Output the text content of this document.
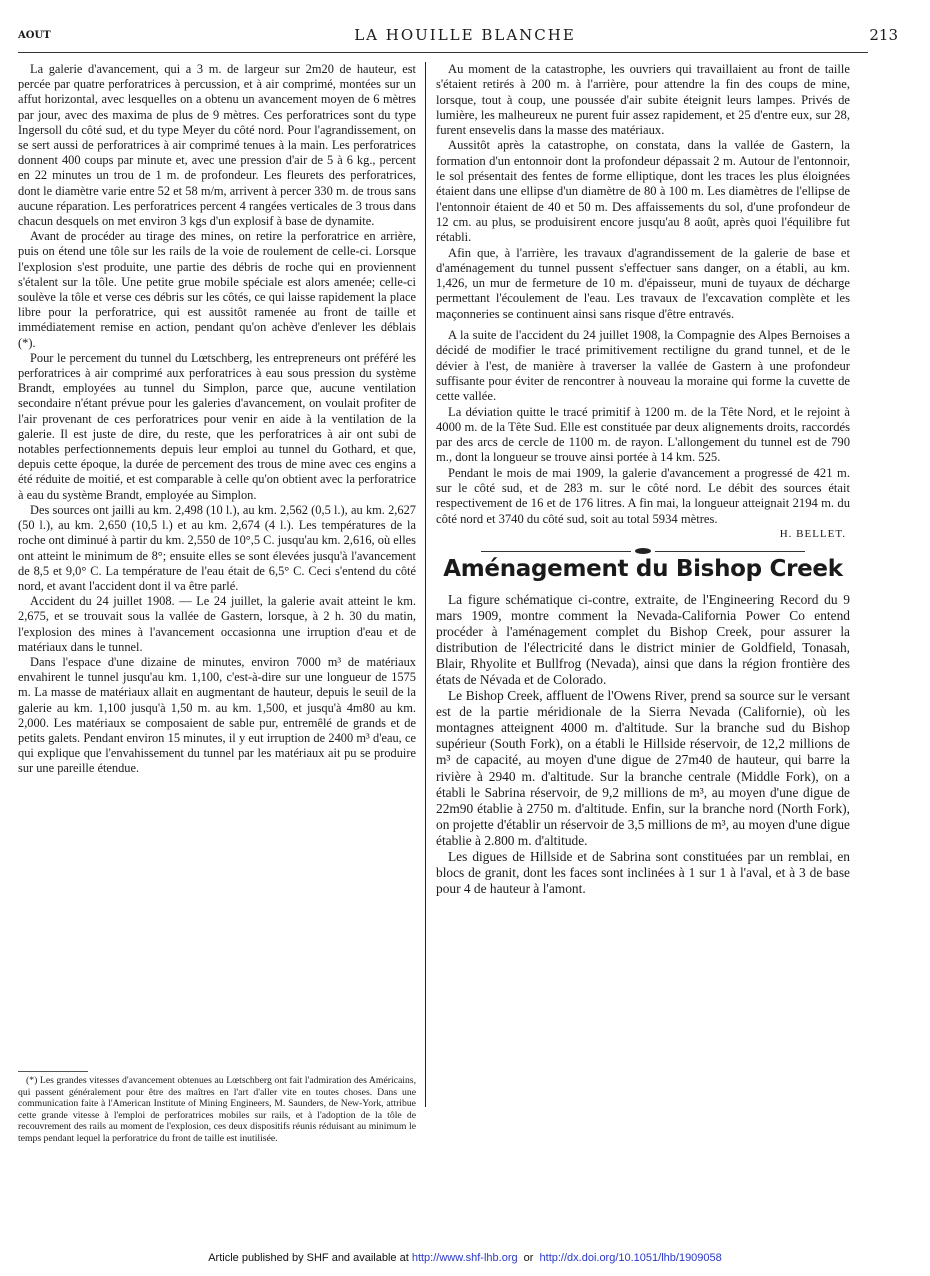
AOUT	LA HOUILLE BLANCHE	213

La galerie d'avancement, qui a 3 m. de largeur sur 2m20 de hauteur, est percée par quatre perforatrices à percussion, et à air comprimé, montées sur un affut horizontal, avec lesquelles on a obtenu un avancement moyen de 6 mètres par jour, avec des maxima de plus de 9 mètres. Ces perforatrices sont du type Ingersoll du côté sud, et du type Meyer du côté nord. Pour l'agrandissement, on se sert aussi de perforatrices à air comprimé tenues à la main. Les perforatrices donnent 400 coups par minute et, avec une pression d'air de 5 à 6 kg., percent en 22 minutes un trou de 1 m. de profondeur. Les fleurets des perforatrices, dont le diamètre varie entre 52 et 58 m/m, arrivent à percer 330 m. de trous sans aucune réparation. Les perforatrices percent 4 rangées verticales de 3 trous dans chacun desquels on met environ 3 kgs d'un explosif à base de dynamite.

Avant de procéder au tirage des mines, on retire la perforatrice en arrière, puis on étend une tôle sur les rails de la voie de roulement de celle-ci. Lorsque l'explosion s'est produite, une partie des débris de roche qui en proviennent s'étalent sur la tôle. Une petite grue mobile spéciale est alors amenée; celle-ci soulève la tôle et verse ces débris sur les côtés, ce qui laisse rapidement la place libre pour la perforatrice, qui est aussitôt ramenée au front de taille et immédiatement remise en action, pendant qu'on achève d'enlever les déblais (*).

Pour le percement du tunnel du Lœtschberg, les entrepreneurs ont préféré les perforatrices à air comprimé aux perforatrices à eau sous pression du système Brandt, employées au tunnel du Simplon, parce que, aucune ventilation secondaire n'étant prévue pour les galeries d'avancement, on voulait profiter de l'air provenant de ces perforatrices pour venir en aide à la ventilation de la galerie. Il est juste de dire, du reste, que les perforatrices à air ont subi de notables perfectionnements depuis leur emploi au tunnel du Gothard, et que, depuis cette époque, la durée de percement des trous de mine avec ces engins a été réduite de moitié, et est comparable à celle qu'on obtient avec la perforatrice à eau du système Brandt, employée au Simplon.

Des sources ont jailli au km. 2,498 (10 l.), au km. 2,562 (0,5 l.), au km. 2,627 (50 l.), au km. 2,650 (10,5 l.) et au km. 2,674 (4 l.). Les températures de la roche ont diminué à partir du km. 2,550 de 10°,5 C. jusqu'au km. 2,616, où elles ont atteint le minimum de 8°; ensuite elles se sont élevées jusqu'à l'avancement de 8,5 et 9,0° C. La température de l'eau était de 6,5° C. Ceci s'entend du côté nord, et avant l'accident dont il va être parlé.

Accident du 24 juillet 1908. — Le 24 juillet, la galerie avait atteint le km. 2,675, et se trouvait sous la vallée de Gastern, lorsque, à 2 h. 30 du matin, l'explosion des mines à l'avancement occasionna une irruption d'eau et de matériaux dans le tunnel.

Dans l'espace d'une dizaine de minutes, environ 7000 m³ de matériaux envahirent le tunnel jusqu'au km. 1,100, c'est-à-dire sur une longueur de 1575 m. La masse de matériaux allait en augmentant de hauteur, depuis le seuil de la galerie au km. 1,100 jusqu'à 1,50 m. au km. 1,500, et jusqu'à 4m80 au km. 2,000. Les matériaux se composaient de sable pur, entremêlé de grands et de petits galets. Pendant environ 15 minutes, il y eut irruption de 2400 m³ d'eau, ce qui explique que l'envahissement du tunnel par les matériaux ait pu se produire sur une pareille étendue.

(*) Les grandes vitesses d'avancement obtenues au Lœtschberg ont fait l'admiration des Américains, qui passent généralement pour être des maîtres en l'art d'aller vite en toutes choses. Dans une communication faite à l'American Institute of Mining Engineers, M. Saunders, de New-York, attribue cette grande vitesse à l'emploi de perforatrices mobiles sur rails, et à l'adoption de la tôle de recouvrement des rails au moment de l'explosion, ces deux dispositifs réunis réduisant au minimum le temps pendant lequel la perforatrice du front de taille est inutilisée.

Au moment de la catastrophe, les ouvriers qui travaillaient au front de taille s'étaient retirés à 200 m. à l'arrière, pour attendre la fin des coups de mine, lorsque, tout à coup, une poussée d'air subite éteignit leurs lampes. Privés de lumière, les malheureux ne purent fuir assez rapidement, et 25 d'entre eux, sur 28, furent ensevelis dans la masse des matériaux.

Aussitôt après la catastrophe, on constata, dans la vallée de Gastern, la formation d'un entonnoir dont la profondeur dépassait 2 m. Autour de l'entonnoir, le sol présentait des fentes de forme elliptique, dont les traces les plus éloignées étaient dans une ellipse d'un diamètre de 80 à 100 m. Les diamètres de l'ellipse de l'entonnoir étaient de 40 et 50 m. Des affaissements du sol, d'une profondeur de 12 cm. au plus, se produisirent encore jusqu'au 8 août, après quoi l'équilibre fut rétabli.

Afin que, à l'arrière, les travaux d'agrandissement de la galerie de base et d'aménagement du tunnel pussent s'effectuer sans danger, on a établi, au km. 1,426, un mur de fermeture de 10 m. d'épaisseur, muni de tuyaux de décharge permettant l'écoulement de l'eau. Les travaux de l'excavation complète et les maçonneries se continuent ainsi sans risque d'être entravés.

A la suite de l'accident du 24 juillet 1908, la Compagnie des Alpes Bernoises a décidé de modifier le tracé primitivement rectiligne du grand tunnel, et de le dévier à l'est, de manière à traverser la vallée de Gastern à une profondeur suffisante pour éviter de rencontrer à nouveau la moraine qui forme la cuvette de cette vallée.

La déviation quitte le tracé primitif à 1200 m. de la Tête Nord, et le rejoint à 4000 m. de la Tête Sud. Elle est constituée par deux alignements droits, raccordés par des arcs de cercle de 1100 m. de rayon. L'allongement du tunnel est de 790 m., dont la longueur se trouve ainsi portée à 14 km. 525.

Pendant le mois de mai 1909, la galerie d'avancement a progressé de 421 m. sur le côté sud, et de 283 m. sur le côté nord. Le débit des sources était respectivement de 16 et de 176 litres. A fin mai, la longueur atteignait 2194 m. du côté nord et 3740 du côté sud, soit au total 5934 mètres.

H. BELLET.
Aménagement du Bishop Creek

La figure schématique ci-contre, extraite, de l'Engineering Record du 9 mars 1909, montre comment la Nevada-California Power Co entend procéder à l'aménagement complet du Bishop Creek, pour assurer la distribution de l'électricité dans le district minier de Goldfield, Tonasah, Blair, Rhyolite et Bullfrog (Nevada), ainsi que dans la région frontière des états de Névada et de Colorado.

Le Bishop Creek, affluent de l'Owens River, prend sa source sur le versant est de la partie méridionale de la Sierra Nevada (Californie), où les montagnes atteignent 4000 m. d'altitude. Sur la branche sud du Bishop supérieur (South Fork), on a établi le Hillside réservoir, de 12,2 millions de m³ de capacité, au moyen d'une digue de 27m40 de hauteur, qui barre la rivière à 2940 m. d'altitude. Sur la branche centrale (Middle Fork), on a établi le Sabrina réservoir, de 9,2 millions de m³, au moyen d'une digue de 22m90 établie à 2750 m. d'altitude. Enfin, sur la branche nord (North Fork), on projette d'établir un réservoir de 3,5 millions de m³, au moyen d'une digue établie à 2.800 m. d'altitude.

Les digues de Hillside et de Sabrina sont constituées par un remblai, en blocs de granit, dont les faces sont inclinées à 1 sur 1 à l'aval, et à 3 de base pour 4 de hauteur à l'amont.

Article published by SHF and available at http://www.shf-lhb.org or http://dx.doi.org/10.1051/lhb/1909058
